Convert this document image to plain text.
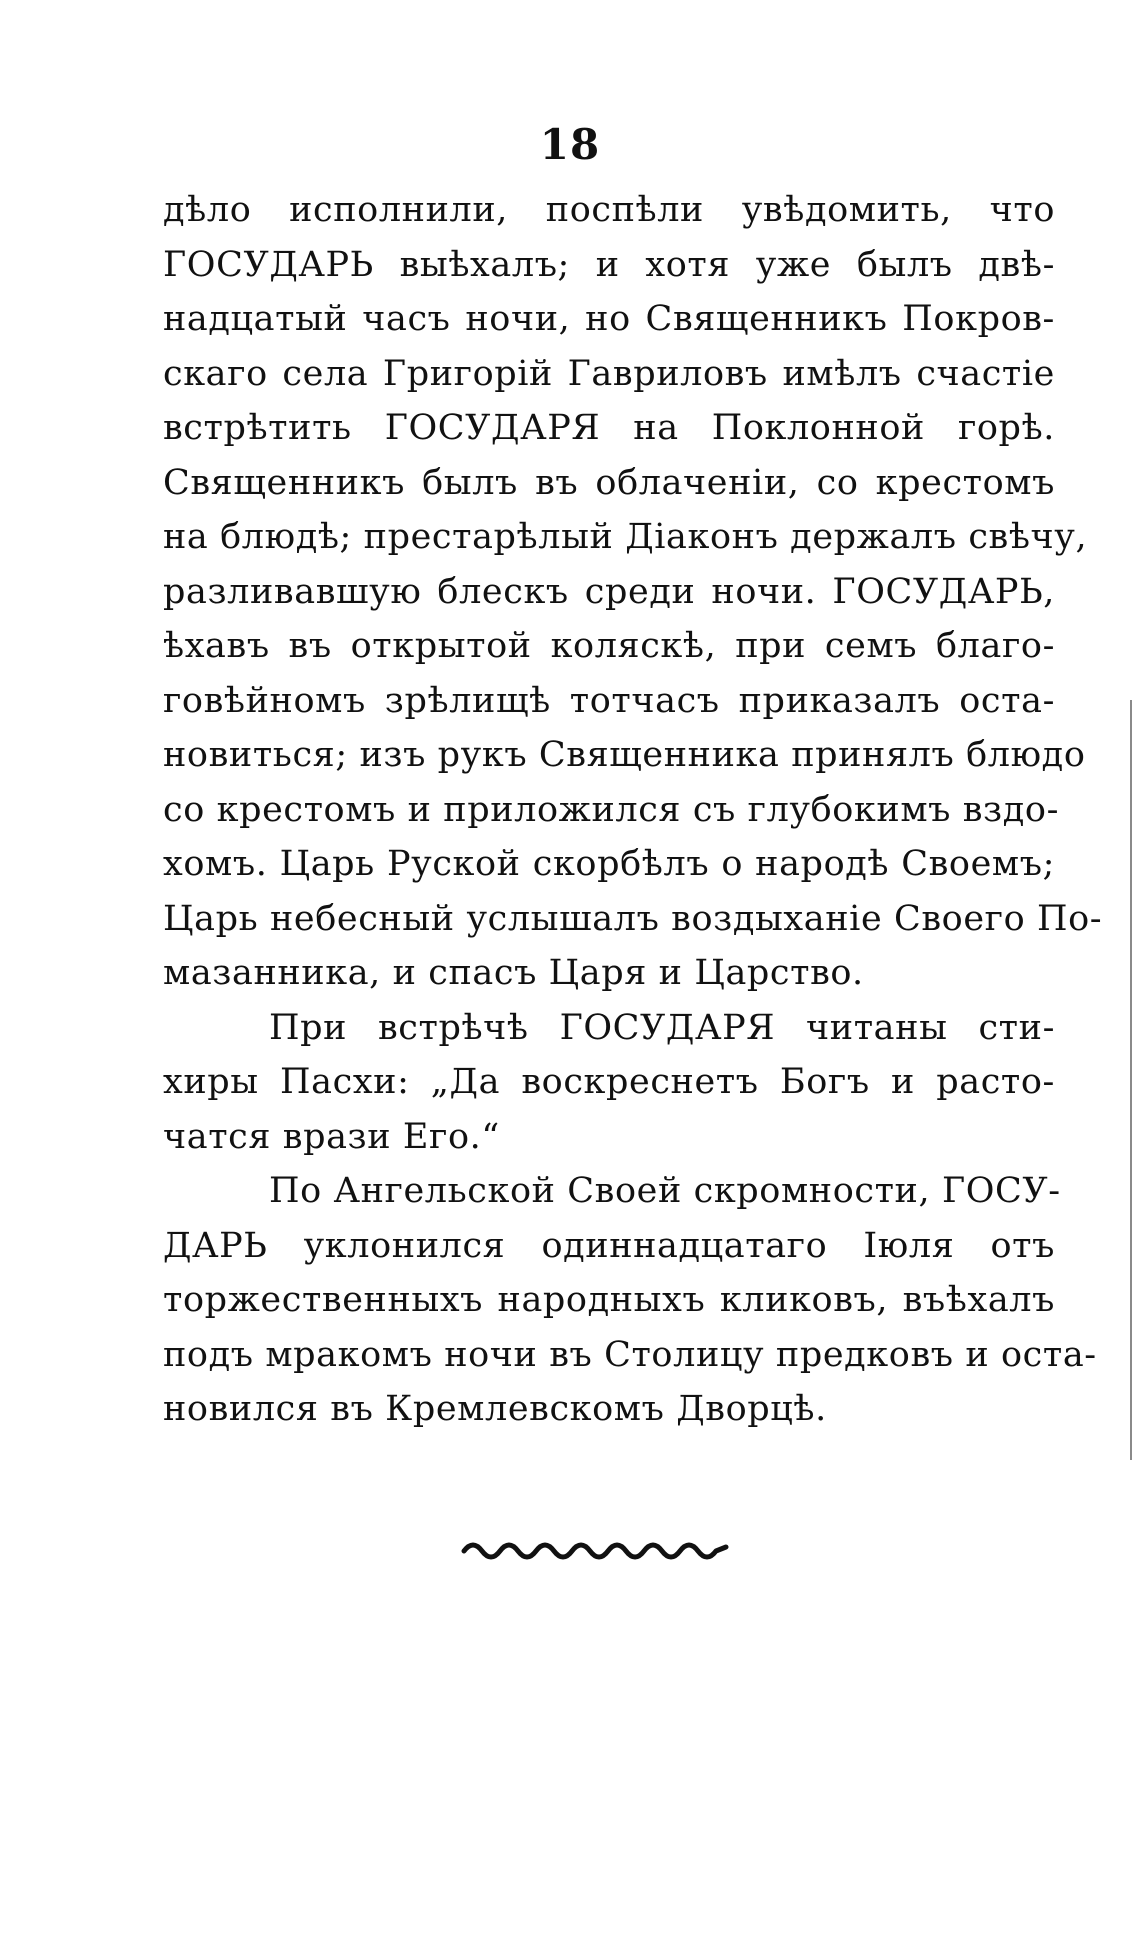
18
дѣло исполнили, поспѣли увѣдомить, что
ГОСУДАРЬ выѣхалъ; и хотя уже былъ двѣ-
надцатый часъ ночи, но Священникъ Покров-
скаго села Григорій Гавриловъ имѣлъ счастіе
встрѣтить ГОСУДАРЯ на Поклонной горѣ.
Священникъ былъ въ облаченіи, со крестомъ
на блюдѣ; престарѣлый Діаконъ держалъ свѣчу,
разливавшую блескъ среди ночи. ГОСУДАРЬ,
ѣхавъ въ открытой коляскѣ, при семъ благо-
говѣйномъ зрѣлищѣ тотчасъ приказалъ оста-
новиться; изъ рукъ Священника принялъ блюдо
со крестомъ и приложился съ глубокимъ вздо-
хомъ. Царь Руской скорбѣлъ о народѣ Своемъ;
Царь небесный услышалъ воздыханіе Своего По-
мазанника, и спасъ Царя и Царство.
При встрѣчѣ ГОСУДАРЯ читаны сти-
хиры Пасхи: „Да воскреснетъ Богъ и расто-
чатся врази Его.“
По Ангельской Своей скромности, ГОСУ-
ДАРЬ уклонился одиннадцатаго Іюля отъ
торжественныхъ народныхъ кликовъ, въѣхалъ
подъ мракомъ ночи въ Столицу предковъ и оста-
новился въ Кремлевскомъ Дворцѣ.
